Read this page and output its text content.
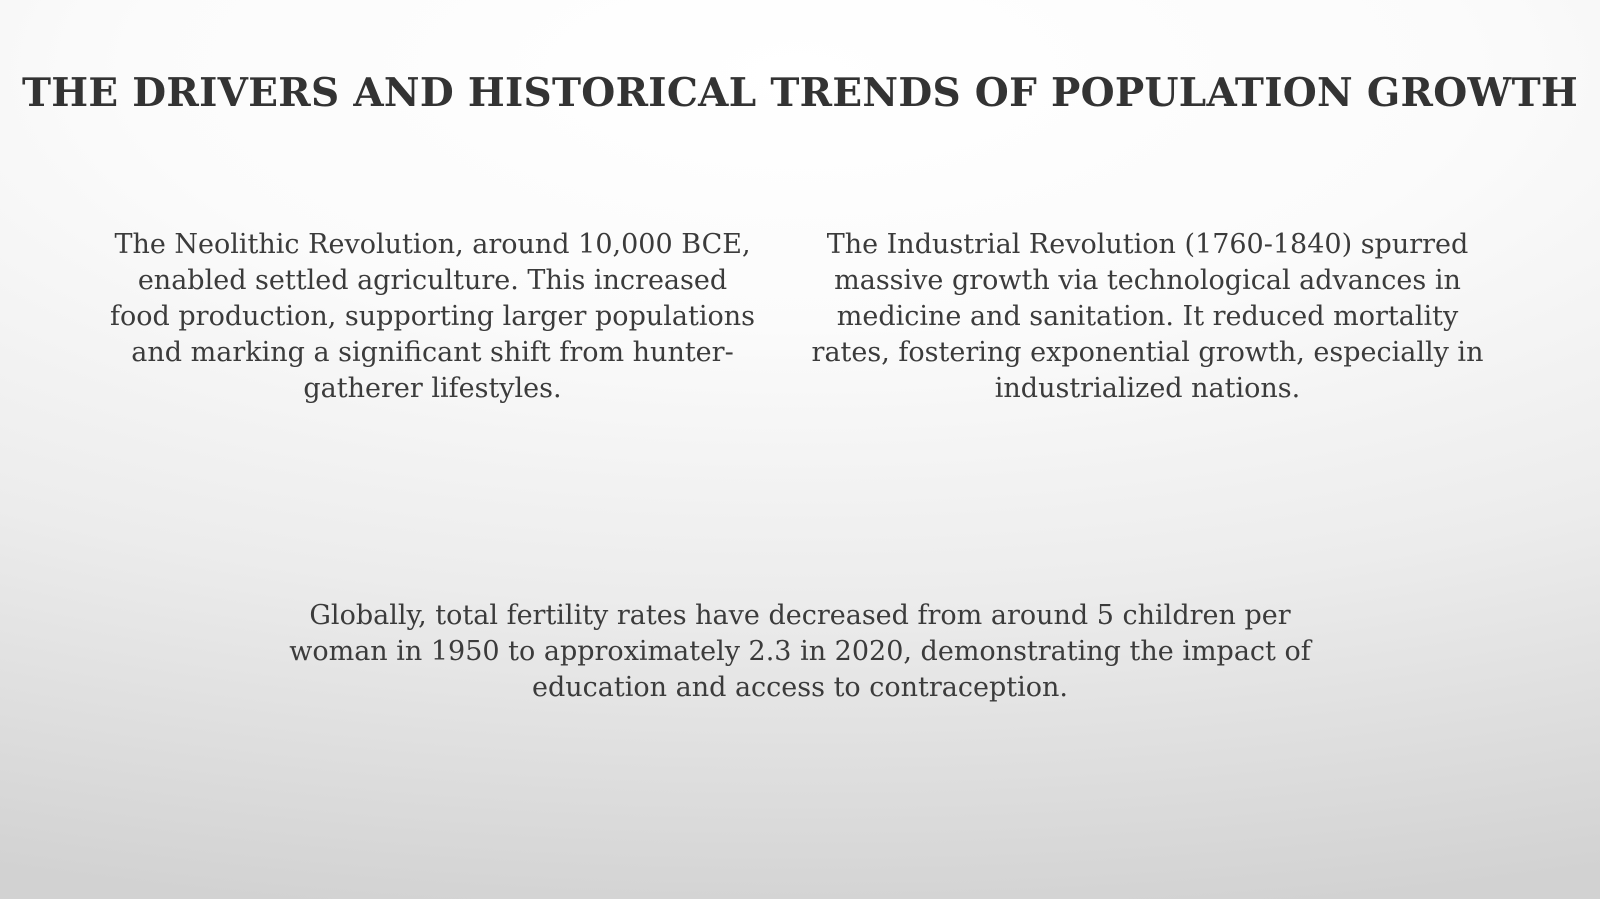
THE DRIVERS AND HISTORICAL TRENDS OF POPULATION GROWTH

The Neolithic Revolution, around 10,000 BCE, enabled settled agriculture. This increased food production, supporting larger populations and marking a significant shift from hunter-gatherer lifestyles.

The Industrial Revolution (1760-1840) spurred massive growth via technological advances in medicine and sanitation. It reduced mortality rates, fostering exponential growth, especially in industrialized nations.

Globally, total fertility rates have decreased from around 5 children per woman in 1950 to approximately 2.3 in 2020, demonstrating the impact of education and access to contraception.
